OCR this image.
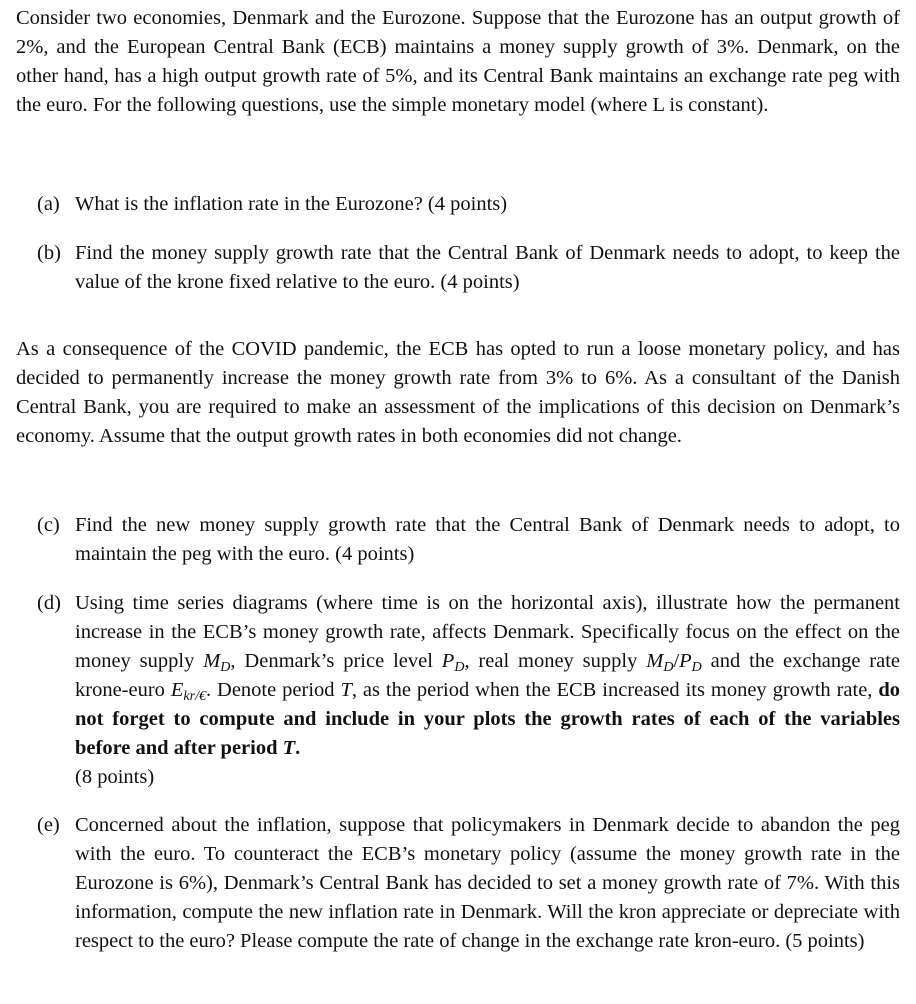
Consider two economies, Denmark and the Eurozone. Suppose that the Eurozone has an output growth of 2%, and the European Central Bank (ECB) maintains a money supply growth of 3%. Denmark, on the other hand, has a high output growth rate of 5%, and its Central Bank maintains an exchange rate peg with the euro. For the following questions, use the simple monetary model (where L is constant).

(a) What is the inflation rate in the Eurozone? (4 points)
(b) Find the money supply growth rate that the Central Bank of Denmark needs to adopt, to keep the value of the krone fixed relative to the euro. (4 points)

As a consequence of the COVID pandemic, the ECB has opted to run a loose monetary policy, and has decided to permanently increase the money growth rate from 3% to 6%. As a consultant of the Danish Central Bank, you are required to make an assessment of the implications of this decision on Denmark’s economy. Assume that the output growth rates in both economies did not change.

(c) Find the new money supply growth rate that the Central Bank of Denmark needs to adopt, to maintain the peg with the euro. (4 points)
(d) Using time series diagrams (where time is on the horizontal axis), illustrate how the permanent increase in the ECB’s money growth rate, affects Denmark. Specifically focus on the effect on the money supply $M_D$, Denmark’s price level $P_D$, real money supply $M_D/P_D$ and the exchange rate krone-euro $E_{kr/€}$. Denote period T, as the period when the ECB increased its money growth rate, do not forget to compute and include in your plots the growth rates of each of the variables before and after period T.
(8 points)
(e) Concerned about the inflation, suppose that policymakers in Denmark decide to abandon the peg with the euro. To counteract the ECB’s monetary policy (assume the money growth rate in the Eurozone is 6%), Denmark’s Central Bank has decided to set a money growth rate of 7%. With this information, compute the new inflation rate in Denmark. Will the kron appreciate or depreciate with respect to the euro? Please compute the rate of change in the exchange rate kron-euro. (5 points)
